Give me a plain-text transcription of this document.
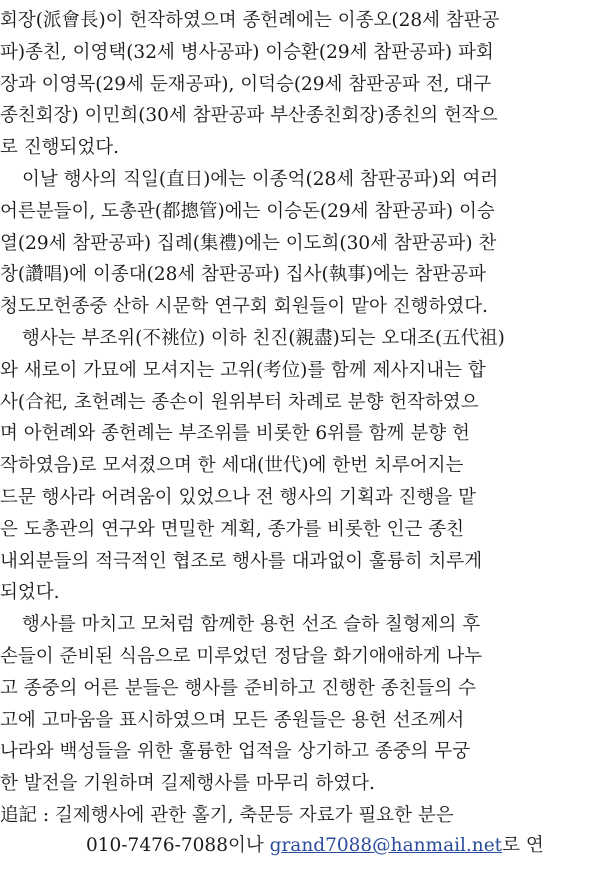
회장(派會長)이 헌작하였으며 종헌례에는 이종오(28세 참판공
파)종친, 이영택(32세 병사공파) 이승환(29세 참판공파) 파회
장과 이영목(29세 둔재공파), 이덕승(29세 참판공파 전, 대구
종친회장) 이민희(30세 참판공파 부산종친회장)종친의 헌작으
로 진행되었다.
이날 행사의 직일(直日)에는 이종억(28세 참판공파)외 여러
어른분들이, 도총관(都摠管)에는 이승돈(29세 참판공파) 이승
열(29세 참판공파) 집례(集禮)에는 이도희(30세 참판공파) 찬
창(讚唱)에 이종대(28세 참판공파) 집사(執事)에는 참판공파
청도모헌종중 산하 시문학 연구회 회원들이 맡아 진행하였다.
행사는 부조위(不祧位) 이하 친진(親盡)되는 오대조(五代祖)
와 새로이 가묘에 모셔지는 고위(考位)를 함께 제사지내는 합
사(合祀, 초헌례는 종손이 원위부터 차례로 분향 헌작하였으
며 아헌례와 종헌례는 부조위를 비롯한 6위를 함께 분향 헌
작하였음)로 모셔졌으며 한 세대(世代)에 한번 치루어지는
드문 행사라 어려움이 있었으나 전 행사의 기획과 진행을 맡
은 도총관의 연구와 면밀한 계획, 종가를 비롯한 인근 종친
내외분들의 적극적인 협조로 행사를 대과없이 훌륭히 치루게
되었다.
행사를 마치고 모처럼 함께한 용헌 선조 슬하 칠형제의 후
손들이 준비된 식음으로 미루었던 정담을 화기애애하게 나누
고 종중의 어른 분들은 행사를 준비하고 진행한 종친들의 수
고에 고마움을 표시하였으며 모든 종원들은 용헌 선조께서
나라와 백성들을 위한 훌륭한 업적을 상기하고 종중의 무궁
한 발전을 기원하며 길제행사를 마무리 하였다.
追記 : 길제행사에 관한 홀기, 축문등 자료가 필요한 분은
010-7476-7088이나 grand7088@hanmail.net로 연
